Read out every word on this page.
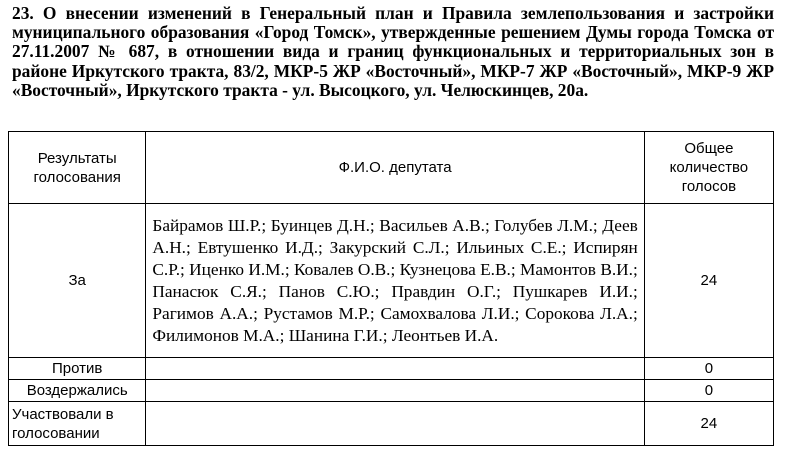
23. О внесении изменений в Генеральный план и Правила землепользования и застройки муниципального образования «Город Томск», утвержденные решением Думы города Томска от 27.11.2007 № 687, в отношении вида и границ функциональных и территориальных зон в районе Иркутского тракта, 83/2, МКР-5 ЖР «Восточный», МКР-7 ЖР «Восточный», МКР-9 ЖР «Восточный», Иркутского тракта - ул. Высоцкого, ул. Челюскинцев, 20а.
Результаты голосования	Ф.И.О. депутата	Общее количество голосов
За	Байрамов Ш.Р.; Буинцев Д.Н.; Васильев А.В.; Голубев Л.М.; Деев А.Н.; Евтушенко И.Д.; Закурский С.Л.; Ильиных С.Е.; Испирян С.Р.; Иценко И.М.; Ковалев О.В.; Кузнецова Е.В.; Мамонтов В.И.; Панасюк С.Я.; Панов С.Ю.; Правдин О.Г.; Пушкарев И.И.; Рагимов А.А.; Рустамов М.Р.; Самохвалова Л.И.; Сорокова Л.А.; Филимонов М.А.; Шанина Г.И.; Леонтьев И.А.	24
Против		0
Воздержались		0
Участвовали в голосовании		24
